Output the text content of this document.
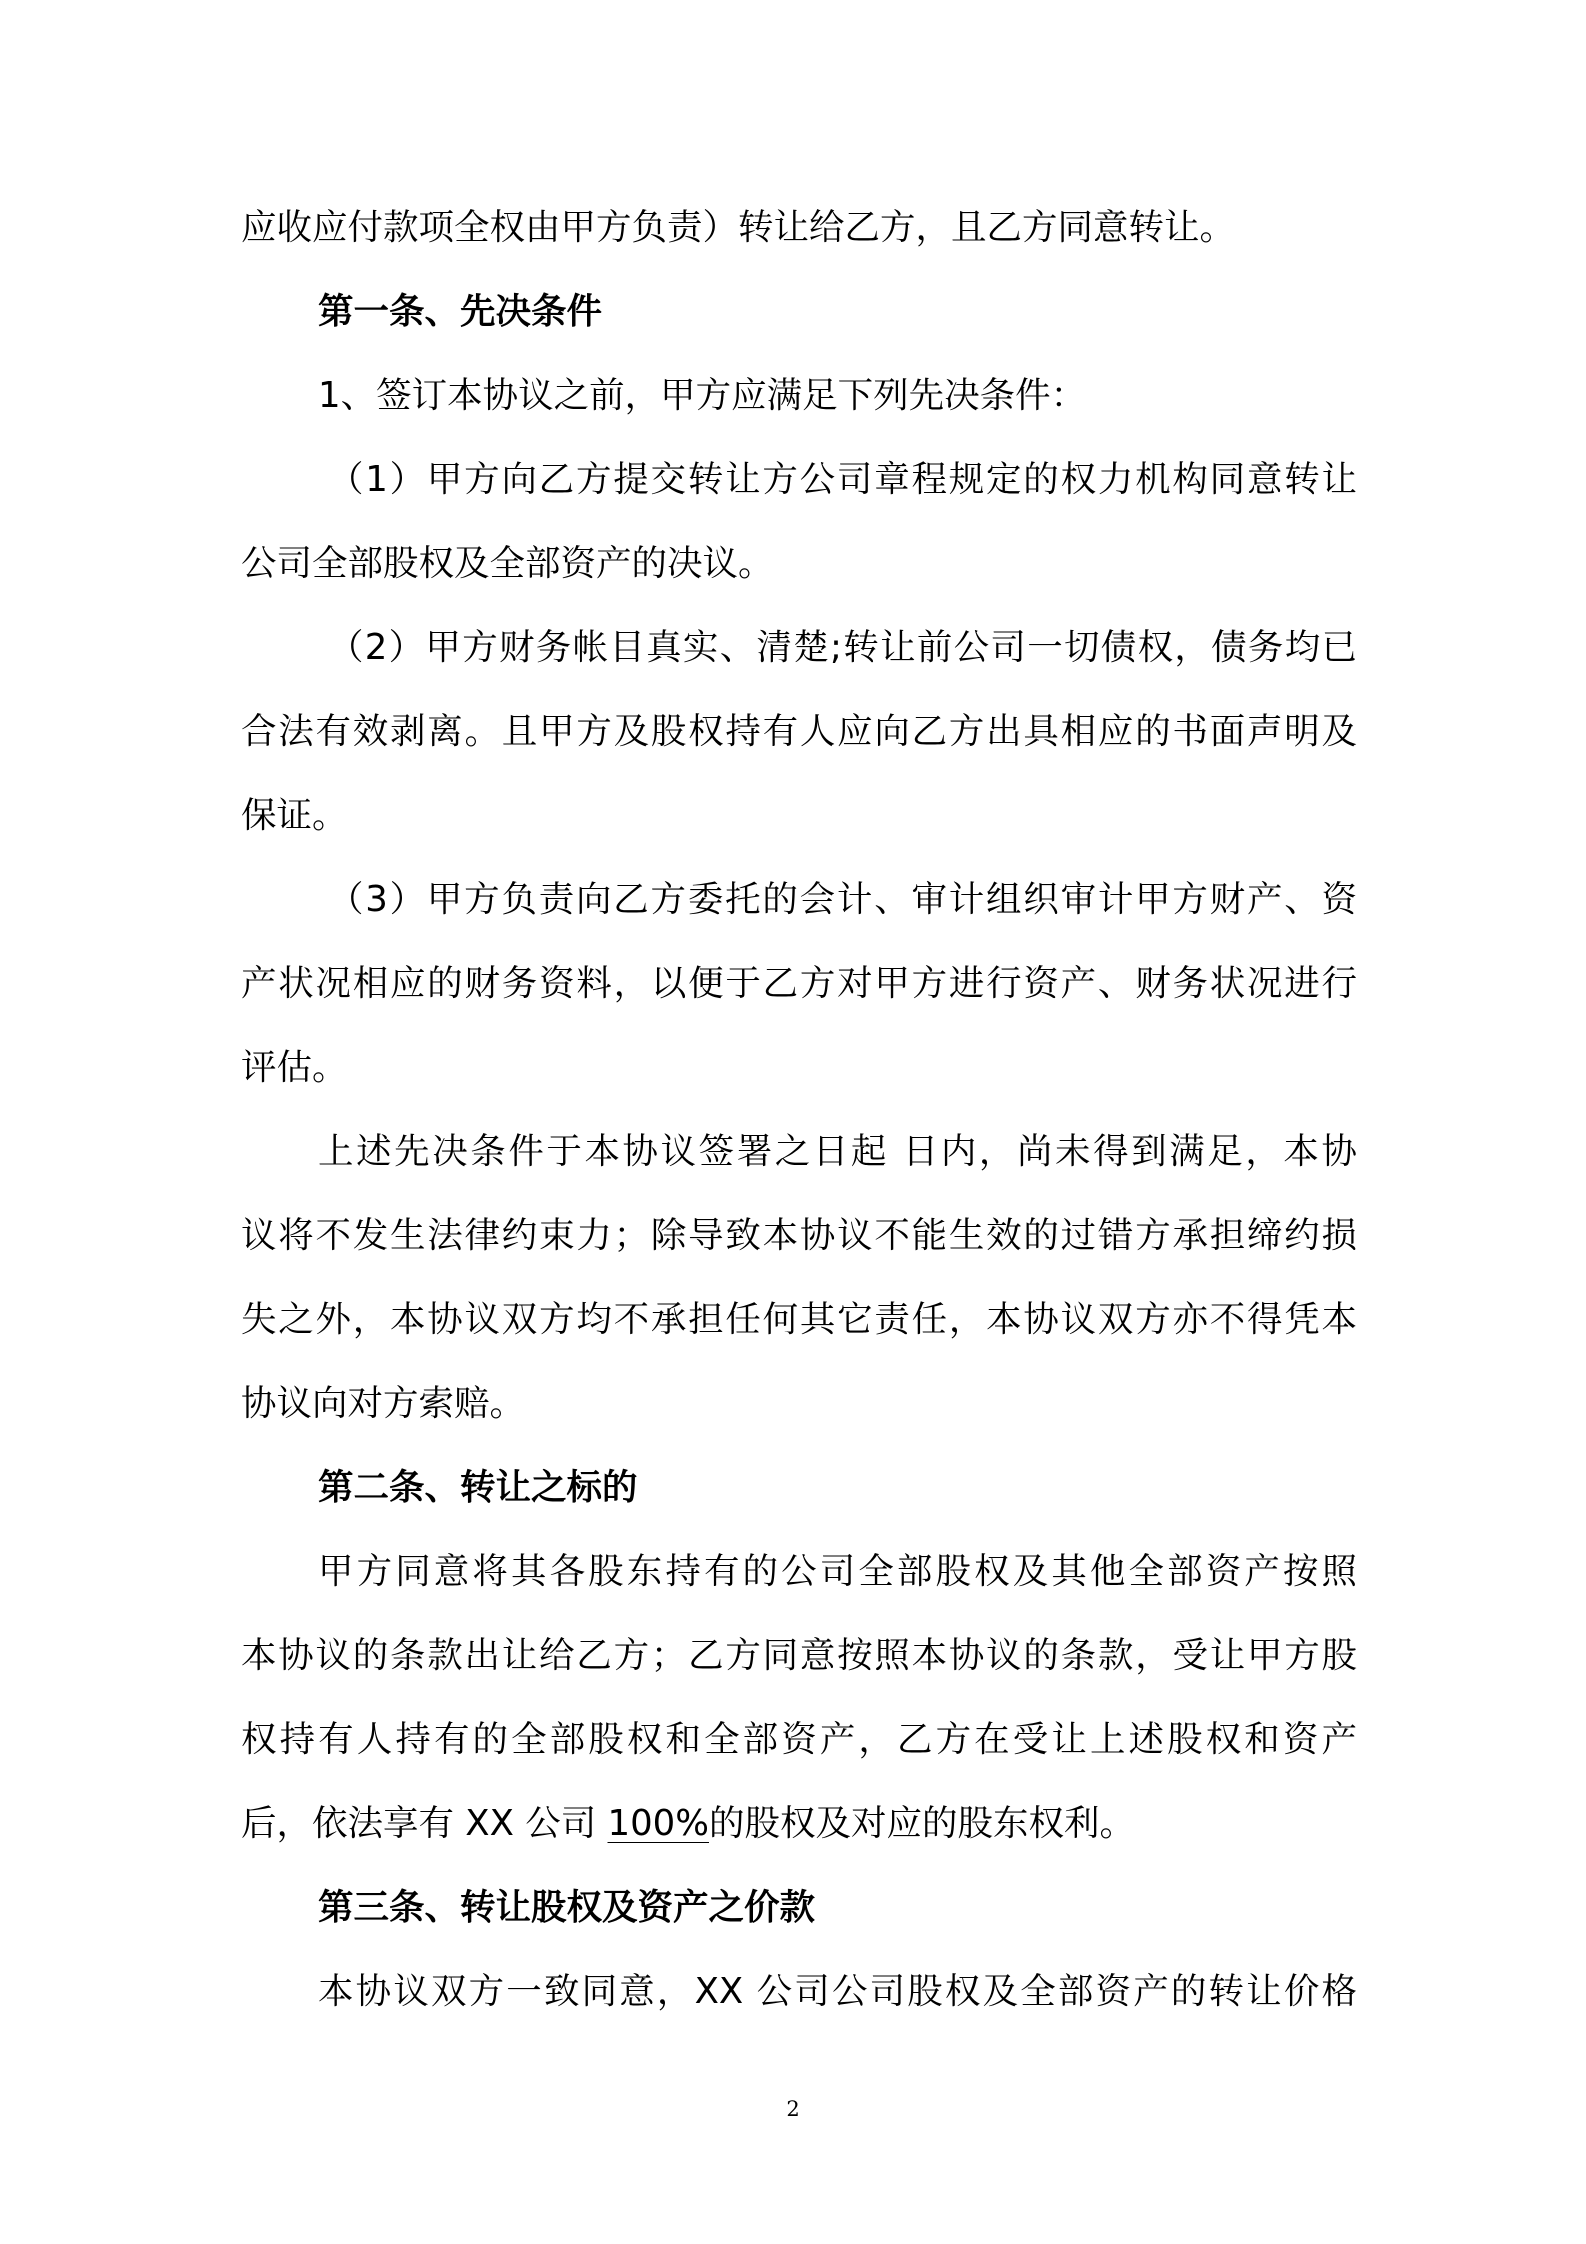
应收应付款项全权由甲方负责）转让给乙方，且乙方同意转让。
第一条、先决条件
1、签订本协议之前，甲方应满足下列先决条件：
（1）甲方向乙方提交转让方公司章程规定的权力机构同意转让
公司全部股权及全部资产的决议。
（2）甲方财务帐目真实、清楚;转让前公司一切债权，债务均已
合法有效剥离。且甲方及股权持有人应向乙方出具相应的书面声明及
保证。
（3）甲方负责向乙方委托的会计、审计组织审计甲方财产、资
产状况相应的财务资料，以便于乙方对甲方进行资产、财务状况进行
评估。
上述先决条件于本协议签署之日起 日内，尚未得到满足，本协
议将不发生法律约束力；除导致本协议不能生效的过错方承担缔约损
失之外，本协议双方均不承担任何其它责任，本协议双方亦不得凭本
协议向对方索赔。
第二条、转让之标的
甲方同意将其各股东持有的公司全部股权及其他全部资产按照
本协议的条款出让给乙方；乙方同意按照本协议的条款，受让甲方股
权持有人持有的全部股权和全部资产，乙方在受让上述股权和资产
后，依法享有 XX 公司 100%的股权及对应的股东权利。
第三条、转让股权及资产之价款
本协议双方一致同意，XX 公司公司股权及全部资产的转让价格
2
